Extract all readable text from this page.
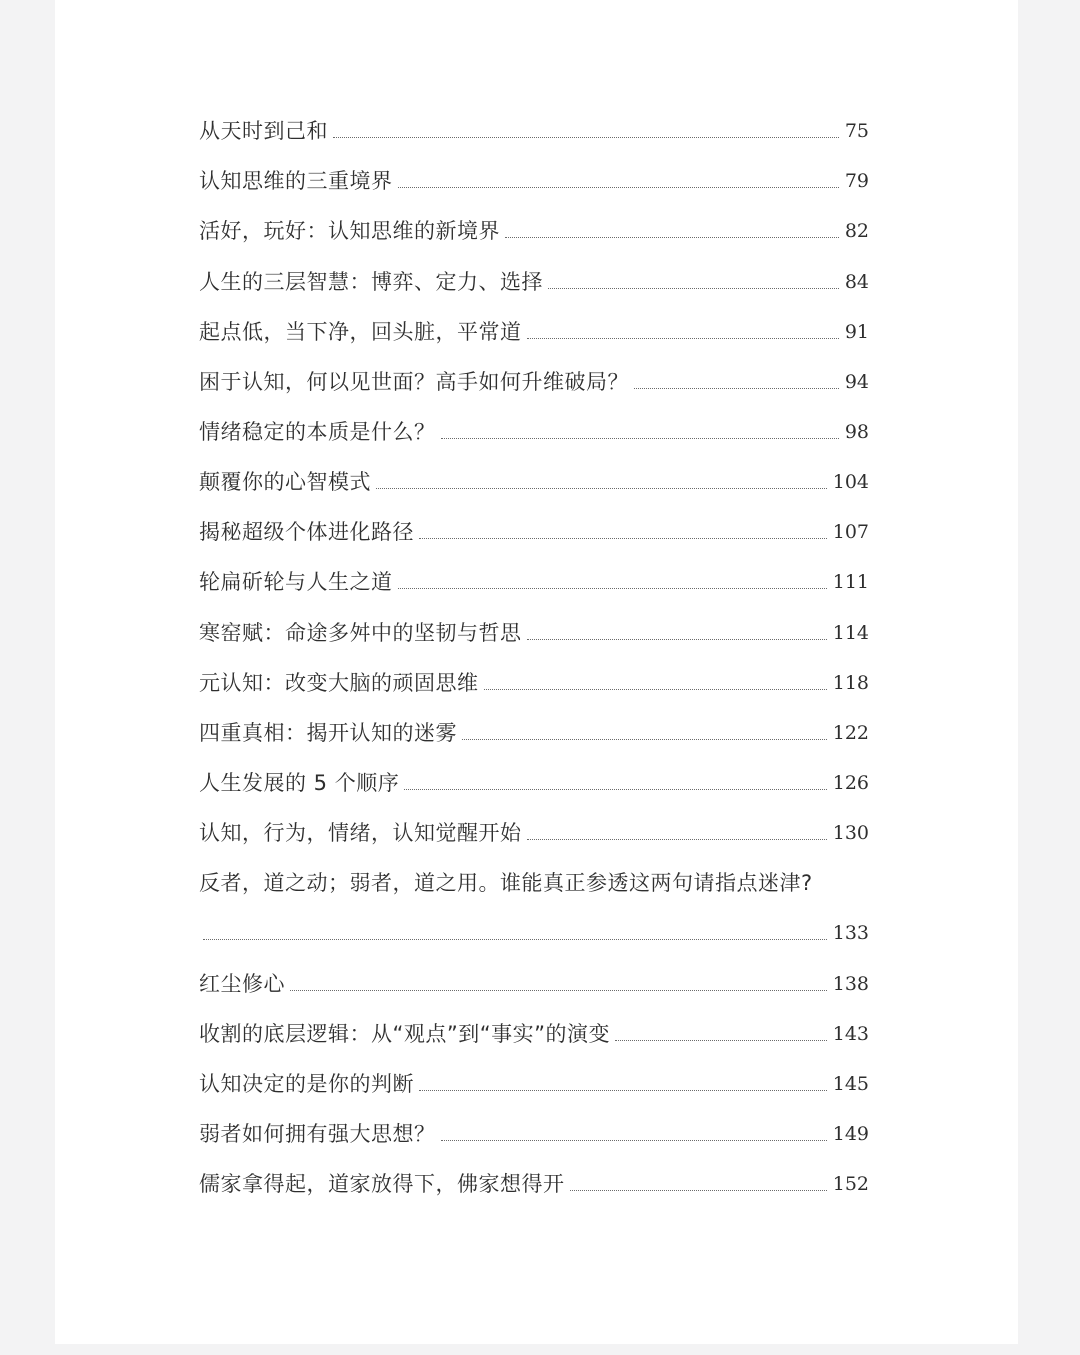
从天时到己和	75
认知思维的三重境界	79
活好，玩好：认知思维的新境界	82
人生的三层智慧：博弈、定力、选择	84
起点低，当下净，回头脏，平常道	91
困于认知，何以见世面？高手如何升维破局？	94
情绪稳定的本质是什么？	98
颠覆你的心智模式	104
揭秘超级个体进化路径	107
轮扁斫轮与人生之道	111
寒窑赋：命途多舛中的坚韧与哲思	114
元认知：改变大脑的顽固思维	118
四重真相：揭开认知的迷雾	122
人生发展的 5 个顺序	126
认知，行为，情绪，认知觉醒开始	130
反者，道之动；弱者，道之用。谁能真正参透这两句请指点迷津?
133
红尘修心	138
收割的底层逻辑：从“观点”到“事实”的演变	143
认知决定的是你的判断	145
弱者如何拥有强大思想？	149
儒家拿得起，道家放得下，佛家想得开	152
